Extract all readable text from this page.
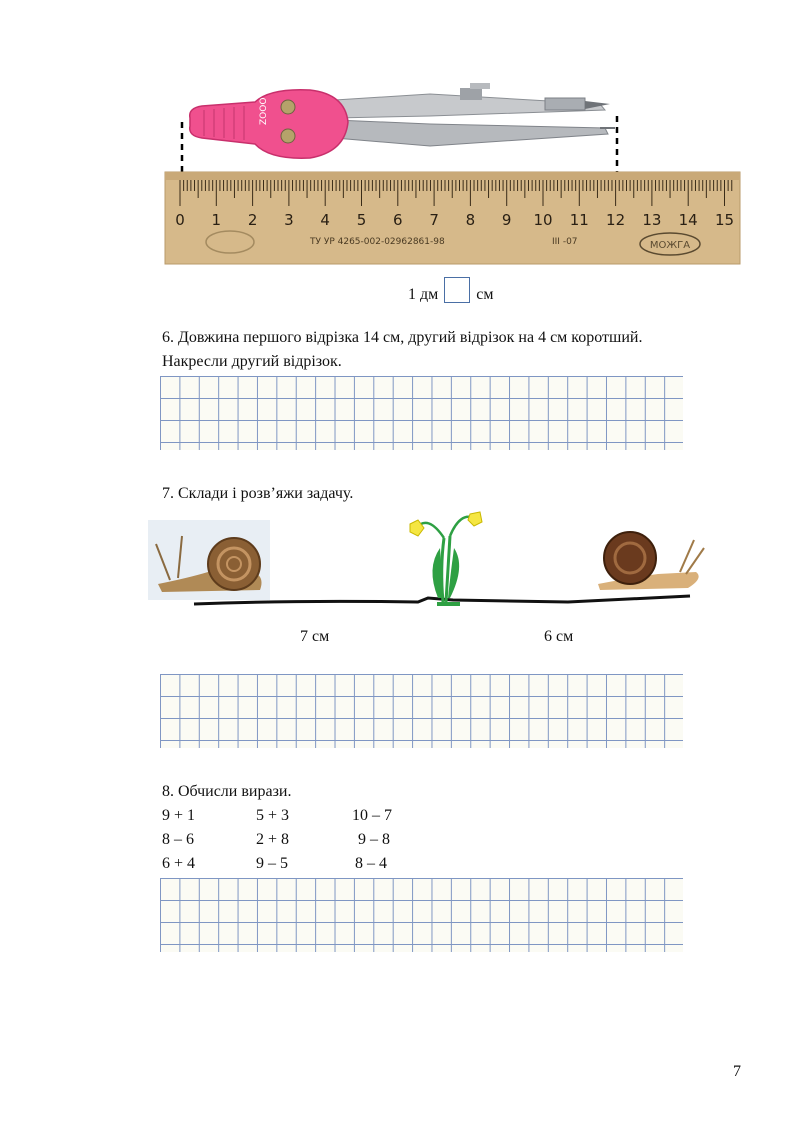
ZOOO
0 1 2 3 4 5 6 7 8 9 10 11 12 13 14 15
ТУ УР 4265-002-02962861-98	III -07	МОЖГА
1 дм см
6. Довжина першого відрізка 14 см, другий відрізок на 4 см коротший.
Накресли другий відрізок.
7. Склади і розв’яжи задачу.
7 см	6 см
8. Обчисли вирази.
9 + 1	5 + 3	10 – 7
8 – 6	2 + 8	9 – 8
6 + 4	9 – 5	8 – 4
7
